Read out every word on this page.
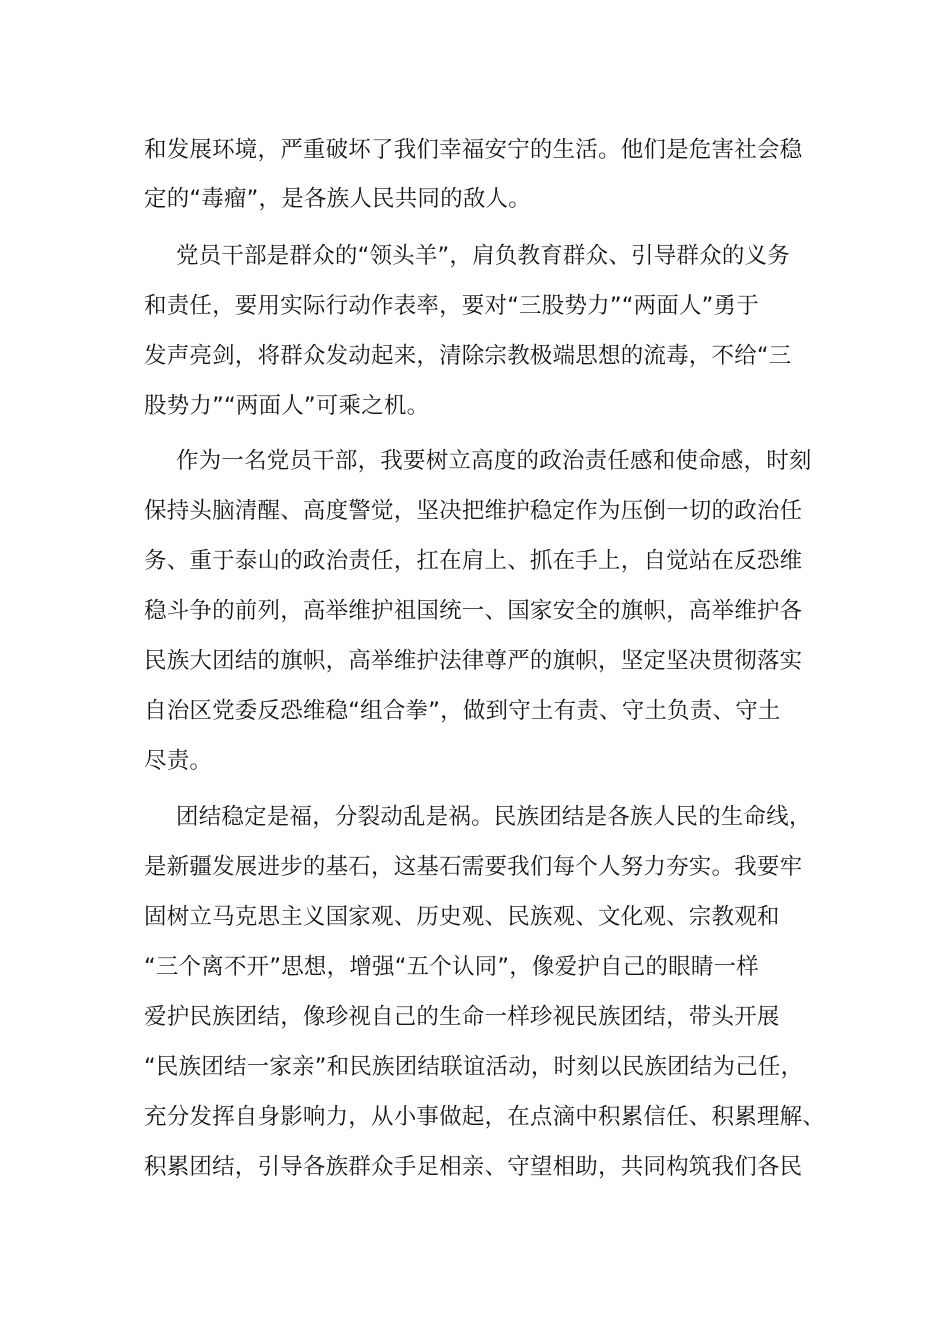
和发展环境，严重破坏了我们幸福安宁的生活。他们是危害社会稳
定的“毒瘤”，是各族人民共同的敌人。
党员干部是群众的“领头羊”，肩负教育群众、引导群众的义务
和责任，要用实际行动作表率，要对“三股势力”“两面人”勇于
发声亮剑，将群众发动起来，清除宗教极端思想的流毒，不给“三
股势力”“两面人”可乘之机。
作为一名党员干部，我要树立高度的政治责任感和使命感，时刻
保持头脑清醒、高度警觉，坚决把维护稳定作为压倒一切的政治任
务、重于泰山的政治责任，扛在肩上、抓在手上，自觉站在反恐维
稳斗争的前列，高举维护祖国统一、国家安全的旗帜，高举维护各
民族大团结的旗帜，高举维护法律尊严的旗帜，坚定坚决贯彻落实
自治区党委反恐维稳“组合拳”，做到守土有责、守土负责、守土
尽责。
团结稳定是福，分裂动乱是祸。民族团结是各族人民的生命线，
是新疆发展进步的基石，这基石需要我们每个人努力夯实。我要牢
固树立马克思主义国家观、历史观、民族观、文化观、宗教观和
“三个离不开”思想，增强“五个认同”，像爱护自己的眼睛一样
爱护民族团结，像珍视自己的生命一样珍视民族团结，带头开展
“民族团结一家亲”和民族团结联谊活动，时刻以民族团结为己任，
充分发挥自身影响力，从小事做起，在点滴中积累信任、积累理解、
积累团结，引导各族群众手足相亲、守望相助，共同构筑我们各民
